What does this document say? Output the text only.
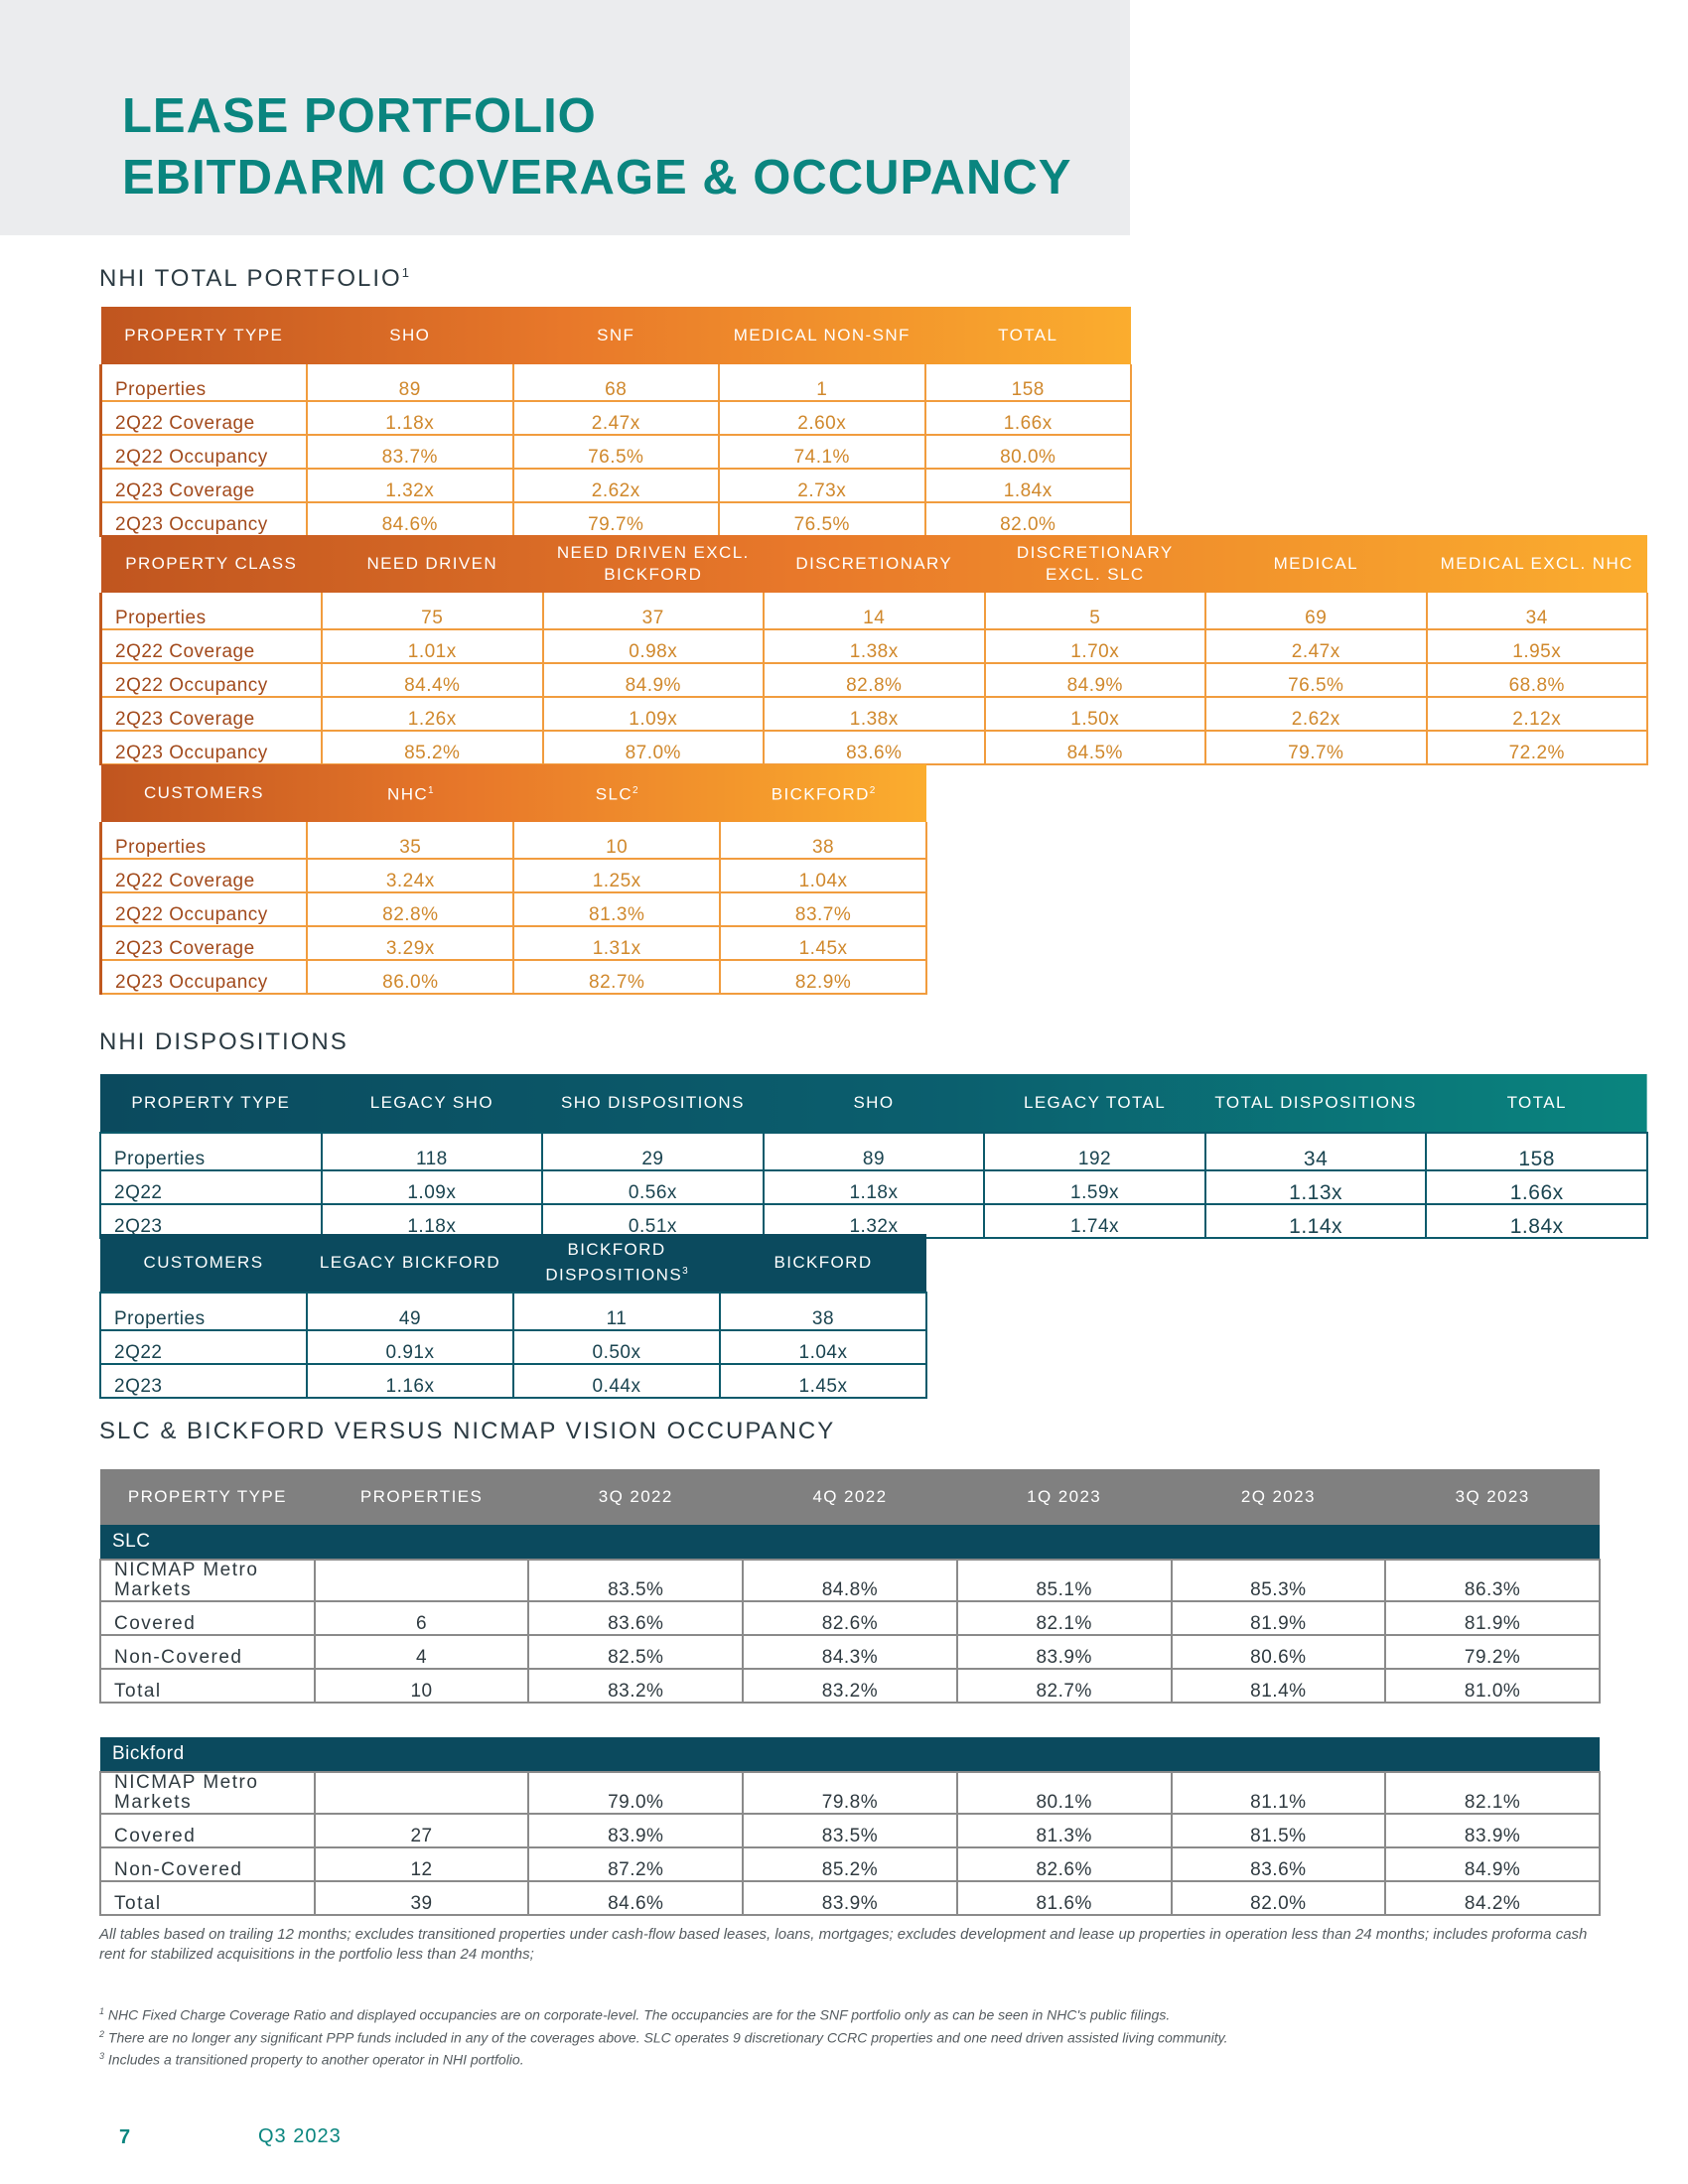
LEASE PORTFOLIO
EBITDARM COVERAGE & OCCUPANCY
NHI TOTAL PORTFOLIO$^1$
PROPERTY TYPE	SHO	SNF	MEDICAL NON-SNF	TOTAL
Properties	89	68	1	158
2Q22 Coverage	1.18x	2.47x	2.60x	1.66x
2Q22 Occupancy	83.7%	76.5%	74.1%	80.0%
2Q23 Coverage	1.32x	2.62x	2.73x	1.84x
2Q23 Occupancy	84.6%	79.7%	76.5%	82.0%
PROPERTY CLASS	NEED DRIVEN	NEED DRIVEN EXCL. BICKFORD	DISCRETIONARY	DISCRETIONARY EXCL. SLC	MEDICAL	MEDICAL EXCL. NHC
Properties	75	37	14	5	69	34
2Q22 Coverage	1.01x	0.98x	1.38x	1.70x	2.47x	1.95x
2Q22 Occupancy	84.4%	84.9%	82.8%	84.9%	76.5%	68.8%
2Q23 Coverage	1.26x	1.09x	1.38x	1.50x	2.62x	2.12x
2Q23 Occupancy	85.2%	87.0%	83.6%	84.5%	79.7%	72.2%
CUSTOMERS	NHC$^1$	SLC$^2$	BICKFORD$^2$
Properties	35	10	38
2Q22 Coverage	3.24x	1.25x	1.04x
2Q22 Occupancy	82.8%	81.3%	83.7%
2Q23 Coverage	3.29x	1.31x	1.45x
2Q23 Occupancy	86.0%	82.7%	82.9%
NHI DISPOSITIONS
PROPERTY TYPE	LEGACY SHO	SHO DISPOSITIONS	SHO	LEGACY TOTAL	TOTAL DISPOSITIONS	TOTAL
Properties	118	29	89	192	34	158
2Q22	1.09x	0.56x	1.18x	1.59x	1.13x	1.66x
2Q23	1.18x	0.51x	1.32x	1.74x	1.14x	1.84x
CUSTOMERS	LEGACY BICKFORD	BICKFORD DISPOSITIONS$^3$	BICKFORD
Properties	49	11	38
2Q22	0.91x	0.50x	1.04x
2Q23	1.16x	0.44x	1.45x
SLC & BICKFORD VERSUS NICMAP VISION OCCUPANCY
PROPERTY TYPE	PROPERTIES	3Q 2022	4Q 2022	1Q 2023	2Q 2023	3Q 2023
SLC						
NICMAP Metro Markets		83.5%	84.8%	85.1%	85.3%	86.3%
Covered	6	83.6%	82.6%	82.1%	81.9%	81.9%
Non-Covered	4	82.5%	84.3%	83.9%	80.6%	79.2%
Total	10	83.2%	83.2%	82.7%	81.4%	81.0%

Bickford						
NICMAP Metro Markets		79.0%	79.8%	80.1%	81.1%	82.1%
Covered	27	83.9%	83.5%	81.3%	81.5%	83.9%
Non-Covered	12	87.2%	85.2%	82.6%	83.6%	84.9%
Total	39	84.6%	83.9%	81.6%	82.0%	84.2%

All tables based on trailing 12 months; excludes transitioned properties under cash-flow based leases, loans, mortgages; excludes development and lease up properties in operation less than 24 months; includes proforma cash rent for stabilized acquisitions in the portfolio less than 24 months;

$^1$ NHC Fixed Charge Coverage Ratio and displayed occupancies are on corporate-level. The occupancies are for the SNF portfolio only as can be seen in NHC's public filings.
$^2$ There are no longer any significant PPP funds included in any of the coverages above. SLC operates 9 discretionary CCRC properties and one need driven assisted living community.
$^3$ Includes a transitioned property to another operator in NHI portfolio.
7	Q3 2023
